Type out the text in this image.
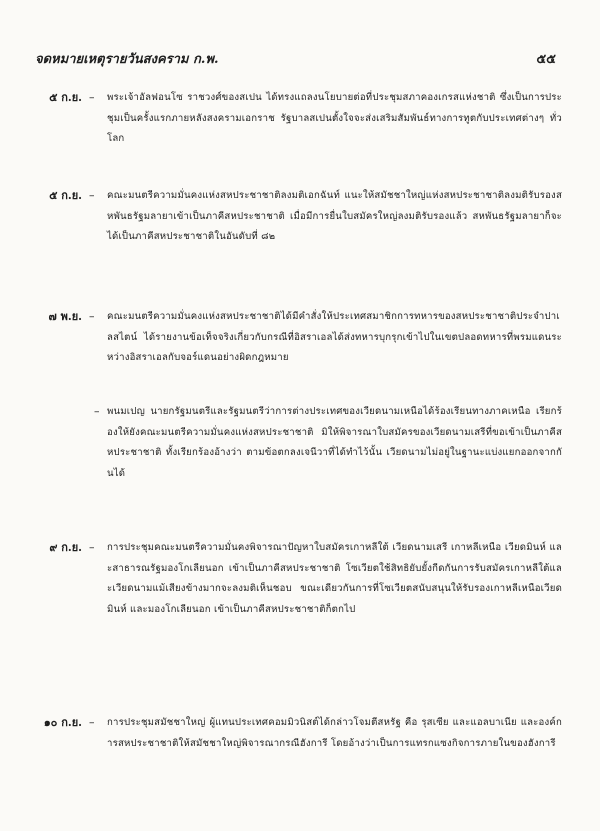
จดหมายเหตุรายวันสงคราม ก.พ.	๕๕
๕ ก.ย. – พระเจ้าอัลฟอนโซ ราชวงศ์ของสเปน ได้ทรงแถลงนโยบายต่อที่ประชุมสภาคองเกรสแห่งชาติ ซึ่งเป็นการประชุมเป็นครั้งแรกภายหลังสงครามเอกราช รัฐบาลสเปนตั้งใจจะส่งเสริมสัมพันธ์ทางการทูตกับประเทศต่างๆ ทั่วโลก
๕ ก.ย. – คณะมนตรีความมั่นคงแห่งสหประชาชาติลงมติเอกฉันท์ แนะให้สมัชชาใหญ่แห่งสหประชาชาติลงมติรับรองสหพันธรัฐมลายาเข้าเป็นภาคีสหประชาชาติ เมื่อมีการยื่นใบสมัครใหญ่ลงมติรับรองแล้ว สหพันธรัฐมลายาก็จะได้เป็นภาคีสหประชาชาติในอันดับที่ ๘๒
๗ พ.ย. – คณะมนตรีความมั่นคงแห่งสหประชาชาติได้มีคำสั่งให้ประเทศสมาชิกการทหารของสหประชาชาติประจำปาเลสไตน์ ได้รายงานข้อเท็จจริงเกี่ยวกับกรณีที่อิสราเอลได้ส่งทหารบุกรุกเข้าไปในเขตปลอดทหารที่พรมแดนระหว่างอิสราเอลกับจอร์แดนอย่างผิดกฎหมาย
– พนมเปญ นายกรัฐมนตรีและรัฐมนตรีว่าการต่างประเทศของเวียดนามเหนือได้ร้องเรียนทางภาคเหนือ เรียกร้องให้ยังคณะมนตรีความมั่นคงแห่งสหประชาชาติ มิให้พิจารณาใบสมัครของเวียดนามเสรีที่ขอเข้าเป็นภาคีสหประชาชาติ ทั้งเรียกร้องอ้างว่า ตามข้อตกลงเจนีวาที่ได้ทำไว้นั้น เวียดนามไม่อยู่ในฐานะแบ่งแยกออกจากกันได้
๙ ก.ย. – การประชุมคณะมนตรีความมั่นคงพิจารณาปัญหาใบสมัครเกาหลีใต้ เวียดนามเสรี เกาหลีเหนือ เวียดมินห์ และสาธารณรัฐมองโกเลียนอก เข้าเป็นภาคีสหประชาชาติ โซเวียตใช้สิทธิยับยั้งกีดกันการรับสมัครเกาหลีใต้และเวียดนามแม้เสียงข้างมากจะลงมติเห็นชอบ ขณะเดียวกันการที่โซเวียตสนับสนุนให้รับรองเกาหลีเหนือเวียดมินห์ และมองโกเลียนอก เข้าเป็นภาคีสหประชาชาติก็ตกไป
๑๐ ก.ย. – การประชุมสมัชชาใหญ่ ผู้แทนประเทศคอมมิวนิสต์ได้กล่าวโจมตีสหรัฐ คือ รุสเซีย และแอลบาเนีย และองค์การสหประชาชาติให้สมัชชาใหญ่พิจารณากรณีฮังการี โดยอ้างว่าเป็นการแทรกแซงกิจการภายในของฮังการี
